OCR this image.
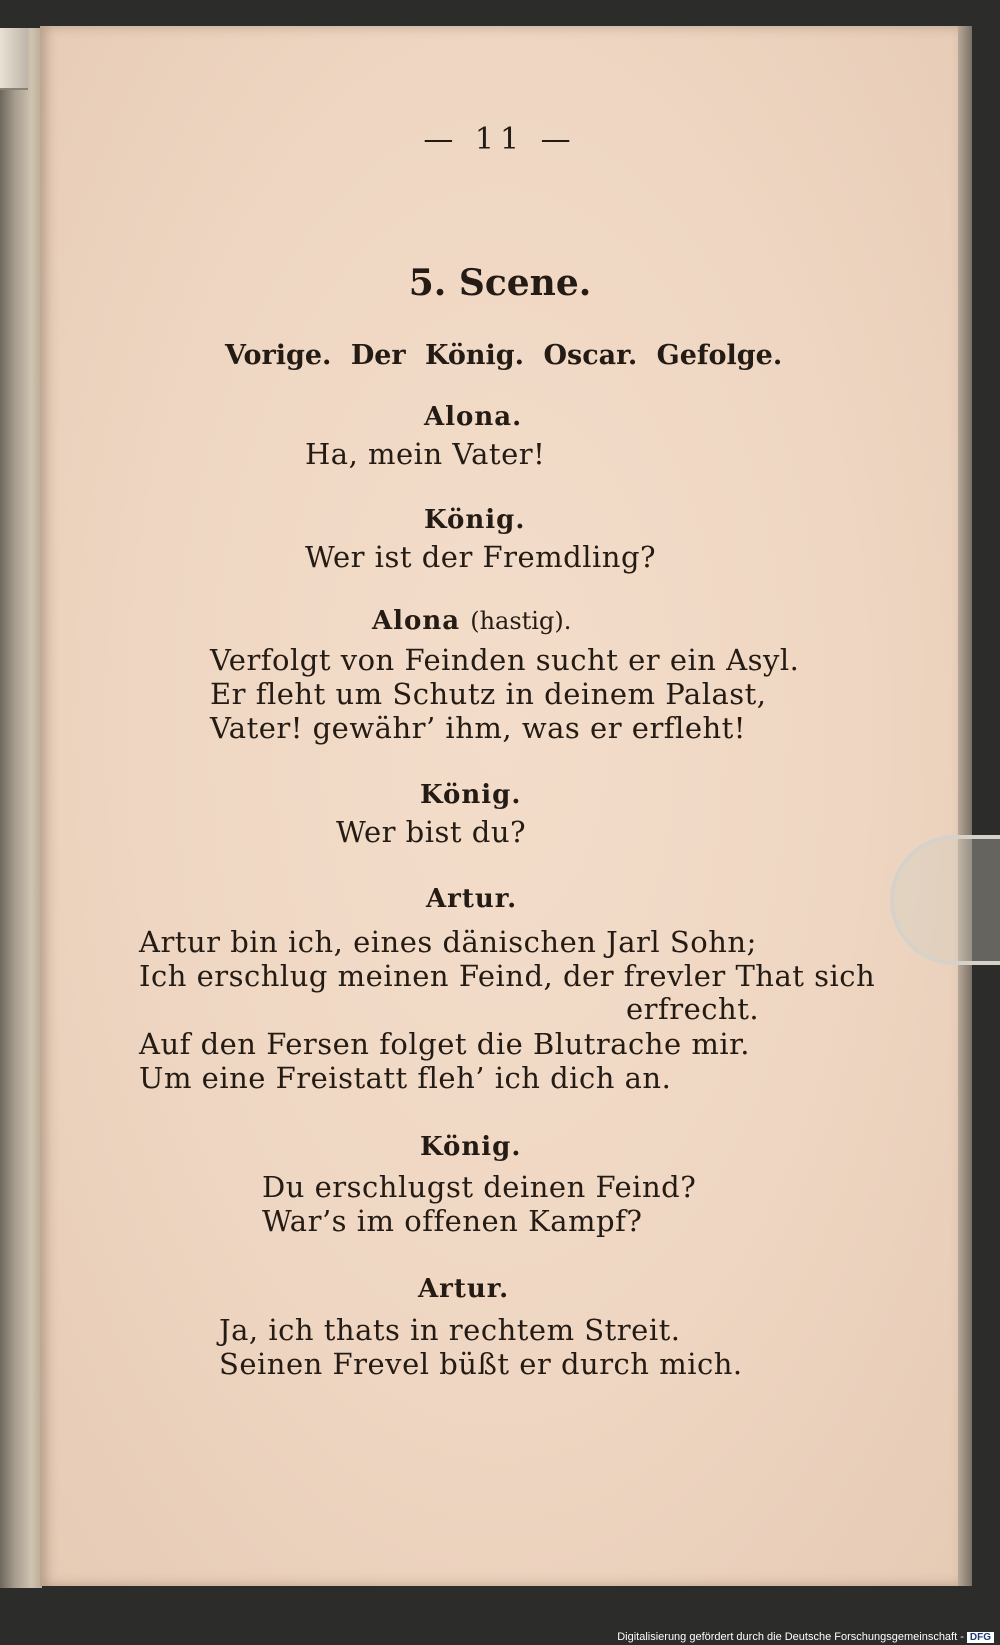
— 11 —

5. Scene.

Vorige. Der König. Oscar. Gefolge.

Alona.

Ha, mein Vater!

König.

Wer ist der Fremdling?

Alona (hastig).

Verfolgt von Feinden sucht er ein Asyl.

Er fleht um Schutz in deinem Palast,

Vater! gewähr’ ihm, was er erfleht!

König.

Wer bist du?

Artur.

Artur bin ich, eines dänischen Jarl Sohn;

Ich erschlug meinen Feind, der frevler That sich

erfrecht.

Auf den Fersen folget die Blutrache mir.

Um eine Freistatt fleh’ ich dich an.

König.

Du erschlugst deinen Feind?

War’s im offenen Kampf?

Artur.

Ja, ich thats in rechtem Streit.

Seinen Frevel büßt er durch mich.

Digitalisierung gefördert durch die Deutsche Forschungsgemeinschaft - DFG
